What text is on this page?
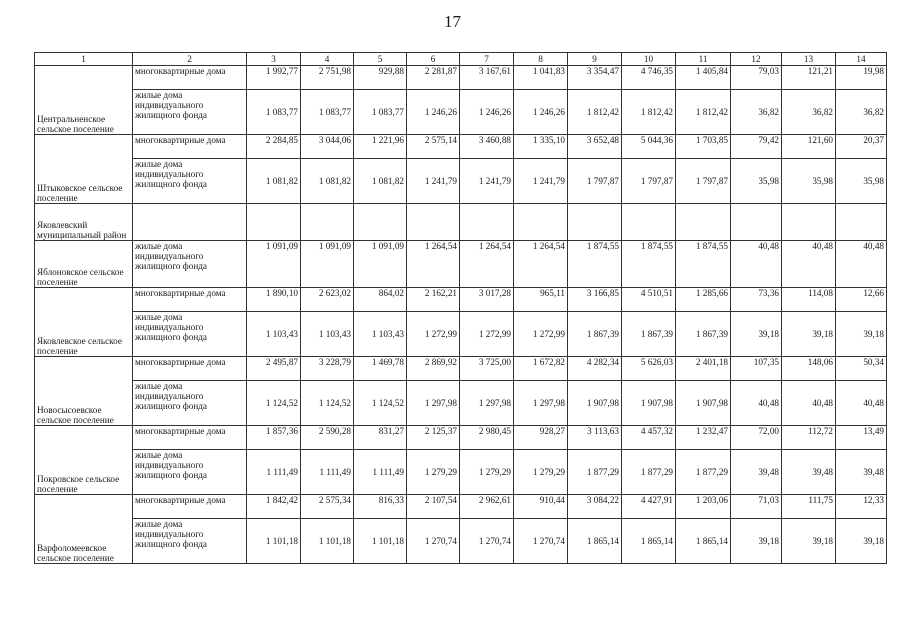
17
1	2	3	4	5	6	7	8	9	10	11	12	13	14
Центральненское сельское поселение	многоквартирные дома	1 992,77	2 751,98	929,88	2 281,87	3 167,61	1 041,83	3 354,47	4 746,35	1 405,84	79,03	121,21	19,98
	жилые дома индивидуального жилищного фонда	1 083,77	1 083,77	1 083,77	1 246,26	1 246,26	1 246,26	1 812,42	1 812,42	1 812,42	36,82	36,82	36,82
Штыковское сельское поселение	многоквартирные дома	2 284,85	3 044,06	1 221,96	2 575,14	3 460,88	1 335,10	3 652,48	5 044,36	1 703,85	79,42	121,60	20,37
	жилые дома индивидуального жилищного фонда	1 081,82	1 081,82	1 081,82	1 241,79	1 241,79	1 241,79	1 797,87	1 797,87	1 797,87	35,98	35,98	35,98
Яковлевский муниципальный район													
Яблоновское сельское поселение	жилые дома индивидуального жилищного фонда	1 091,09	1 091,09	1 091,09	1 264,54	1 264,54	1 264,54	1 874,55	1 874,55	1 874,55	40,48	40,48	40,48
Яковлевское сельское поселение	многоквартирные дома	1 890,10	2 623,02	864,02	2 162,21	3 017,28	965,11	3 166,85	4 510,51	1 285,66	73,36	114,08	12,66
	жилые дома индивидуального жилищного фонда	1 103,43	1 103,43	1 103,43	1 272,99	1 272,99	1 272,99	1 867,39	1 867,39	1 867,39	39,18	39,18	39,18
Новосысоевское сельское поселение	многоквартирные дома	2 495,87	3 228,79	1 469,78	2 869,92	3 725,00	1 672,82	4 282,34	5 626,03	2 401,18	107,35	148,06	50,34
	жилые дома индивидуального жилищного фонда	1 124,52	1 124,52	1 124,52	1 297,98	1 297,98	1 297,98	1 907,98	1 907,98	1 907,98	40,48	40,48	40,48
Покровское сельское поселение	многоквартирные дома	1 857,36	2 590,28	831,27	2 125,37	2 980,45	928,27	3 113,63	4 457,32	1 232,47	72,00	112,72	13,49
	жилые дома индивидуального жилищного фонда	1 111,49	1 111,49	1 111,49	1 279,29	1 279,29	1 279,29	1 877,29	1 877,29	1 877,29	39,48	39,48	39,48
Варфоломеевское сельское поселение	многоквартирные дома	1 842,42	2 575,34	816,33	2 107,54	2 962,61	910,44	3 084,22	4 427,91	1 203,06	71,03	111,75	12,33
	жилые дома индивидуального жилищного фонда	1 101,18	1 101,18	1 101,18	1 270,74	1 270,74	1 270,74	1 865,14	1 865,14	1 865,14	39,18	39,18	39,18
